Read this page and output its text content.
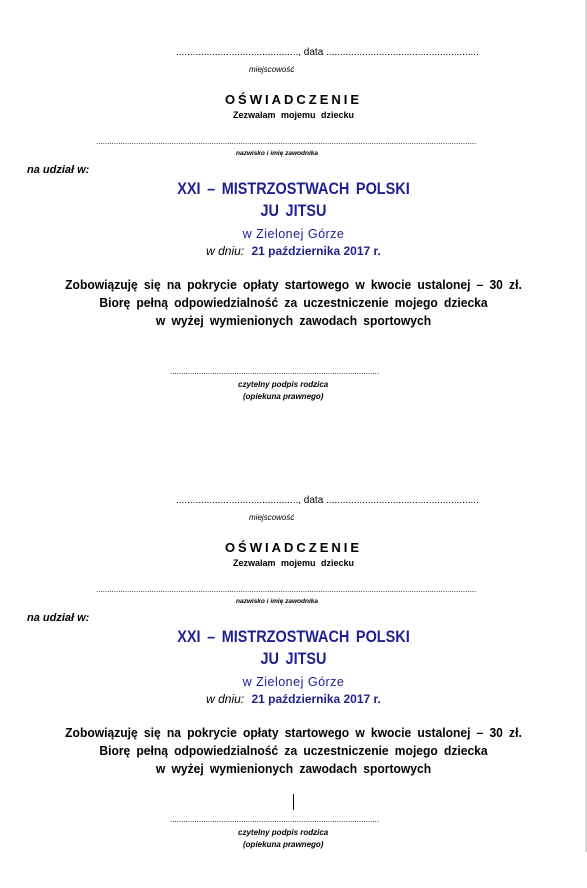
............................................, data .......................................................
miejscowość
OŚWIADCZENIE
Zezwalam mojemu dziecku
...........................................................................................................................................................................
nazwisko i imię zawodnika
na udział w:
XXI – MISTRZOSTWACH POLSKI
JU JITSU
w Zielonej Górze
w dniu: 21 października 2017 r.
Zobowiązuję się na pokrycie opłaty startowego w kwocie ustalonej – 30 zł.
Biorę pełną odpowiedzialność za uczestniczenie mojego dziecka
w wyżej wymienionych zawodach sportowych
..............................................................................................
czytelny podpis rodzica
(opiekuna prawnego)
............................................, data .......................................................
miejscowość
OŚWIADCZENIE
Zezwalam mojemu dziecku
...........................................................................................................................................................................
nazwisko i imię zawodnika
na udział w:
XXI – MISTRZOSTWACH POLSKI
JU JITSU
w Zielonej Górze
w dniu: 21 października 2017 r.
Zobowiązuję się na pokrycie opłaty startowego w kwocie ustalonej – 30 zł.
Biorę pełną odpowiedzialność za uczestniczenie mojego dziecka
w wyżej wymienionych zawodach sportowych
..............................................................................................
czytelny podpis rodzica
(opiekuna prawnego)
